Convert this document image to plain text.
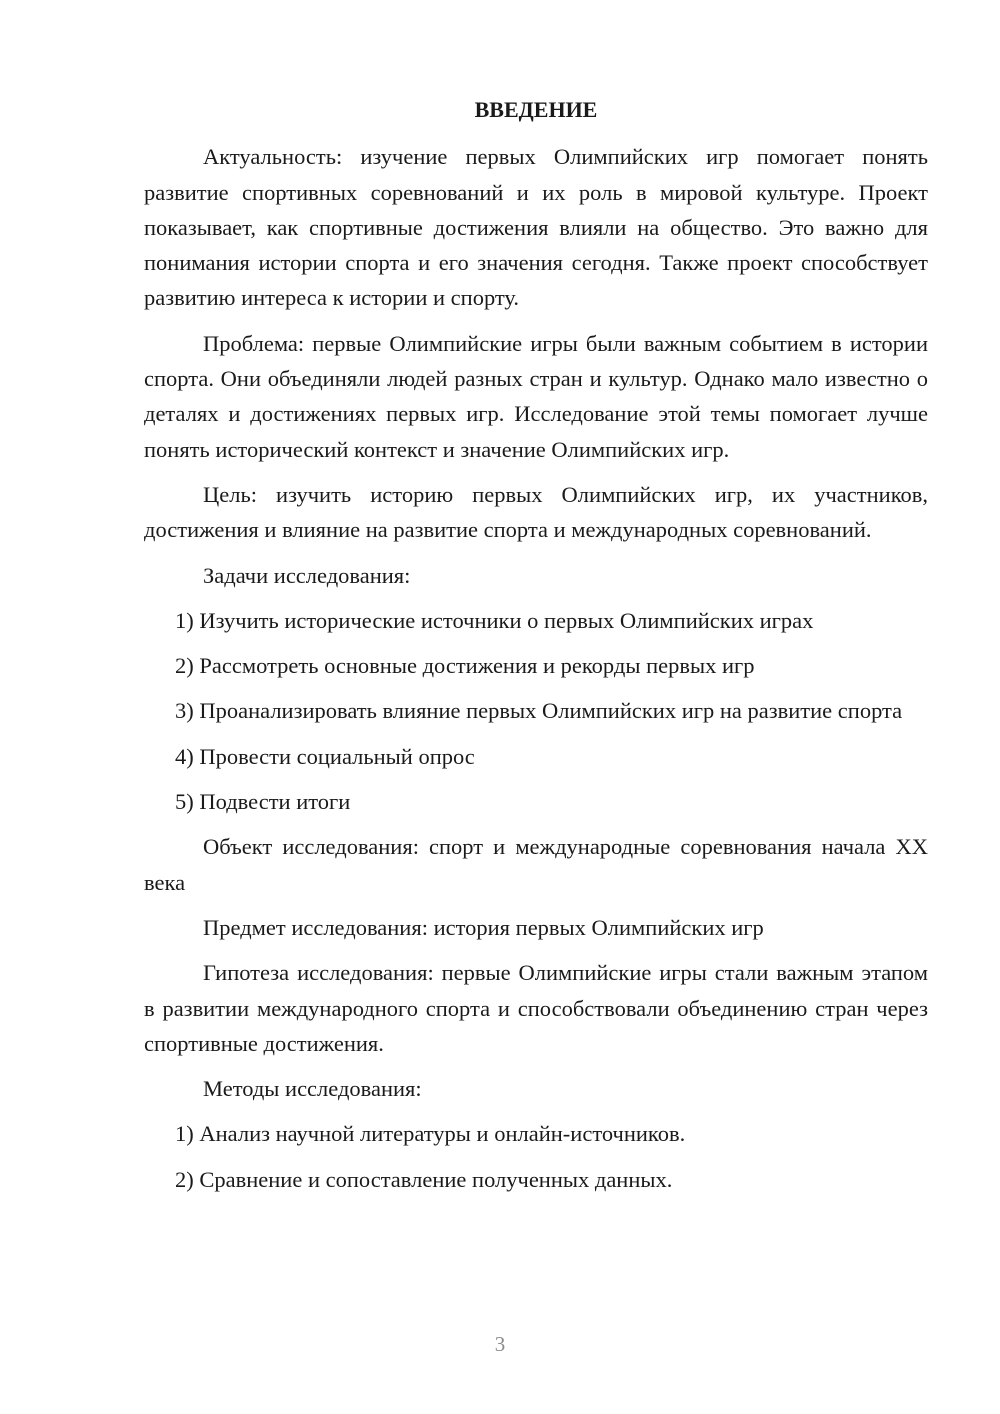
ВВЕДЕНИЕ
Актуальность: изучение первых Олимпийских игр помогает понять развитие спортивных соревнований и их роль в мировой культуре. Проект показывает, как спортивные достижения влияли на общество. Это важно для понимания истории спорта и его значения сегодня. Также проект способствует развитию интереса к истории и спорту.
Проблема: первые Олимпийские игры были важным событием в истории спорта. Они объединяли людей разных стран и культур. Однако мало известно о деталях и достижениях первых игр. Исследование этой темы помогает лучше понять исторический контекст и значение Олимпийских игр.
Цель: изучить историю первых Олимпийских игр, их участников, достижения и влияние на развитие спорта и международных соревнований.
Задачи исследования:
1) Изучить исторические источники о первых Олимпийских играх
2) Рассмотреть основные достижения и рекорды первых игр
3) Проанализировать влияние первых Олимпийских игр на развитие спорта
4) Провести социальный опрос
5) Подвести итоги
Объект исследования: спорт и международные соревнования начала XX века
Предмет исследования: история первых Олимпийских игр
Гипотеза исследования: первые Олимпийские игры стали важным этапом в развитии международного спорта и способствовали объединению стран через спортивные достижения.
Методы исследования:
1) Анализ научной литературы и онлайн-источников.
2) Сравнение и сопоставление полученных данных.
3
